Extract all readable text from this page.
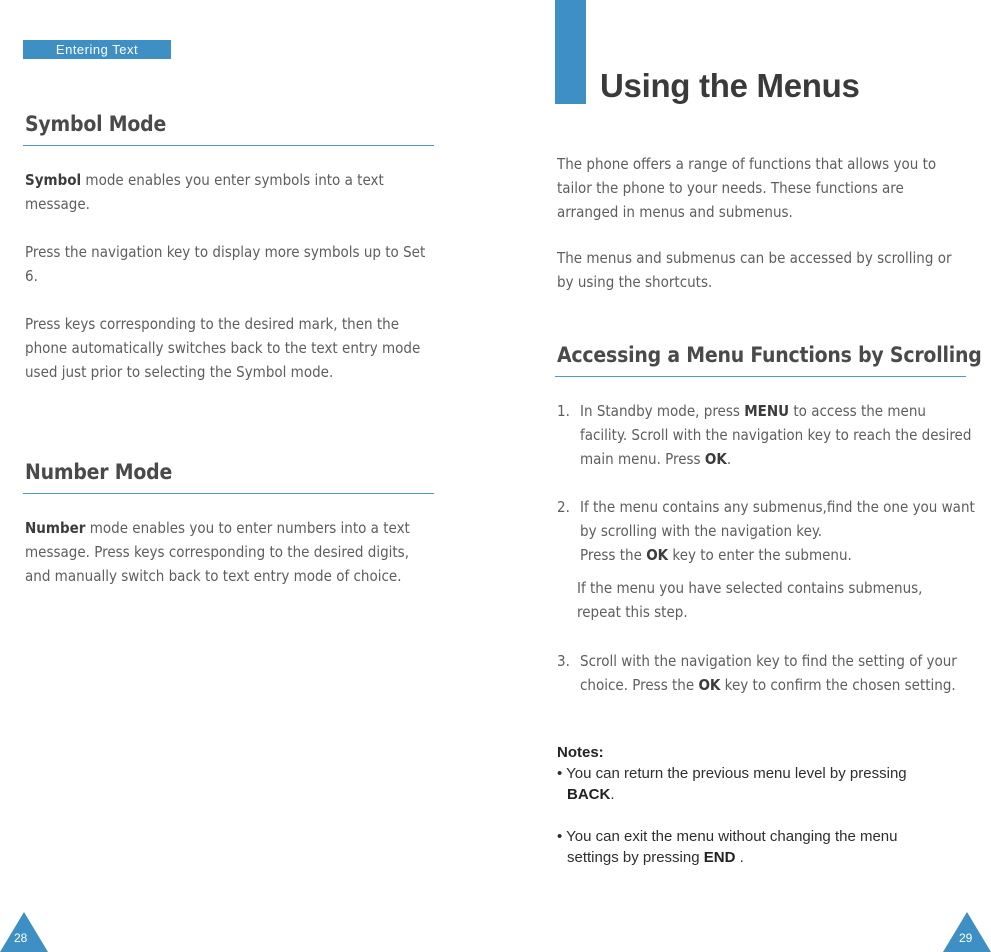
Entering Text
Symbol Mode

Symbol mode enables you enter symbols into a text message.

Press the navigation key to display more symbols up to Set 6.

Press keys corresponding to the desired mark, then the phone automatically switches back to the text entry mode used just prior to selecting the Symbol mode.

Number Mode

Number mode enables you to enter numbers into a text message. Press keys corresponding to the desired digits, and manually switch back to text entry mode of choice.

28
Using the Menus

The phone offers a range of functions that allows you to tailor the phone to your needs. These functions are arranged in menus and submenus.

The menus and submenus can be accessed by scrolling or by using the shortcuts.

Accessing a Menu Functions by Scrolling
1. In Standby mode, press MENU to access the menu facility. Scroll with the navigation key to reach the desired main menu. Press OK.
2. If the menu contains any submenus,find the one you want by scrolling with the navigation key.
Press the OK key to enter the submenu.
If the menu you have selected contains submenus, repeat this step.
3. Scroll with the navigation key to find the setting of your choice. Press the OK key to confirm the chosen setting.
Notes:
• You can return the previous menu level by pressing
BACK.
• You can exit the menu without changing the menu
settings by pressing END .
29
